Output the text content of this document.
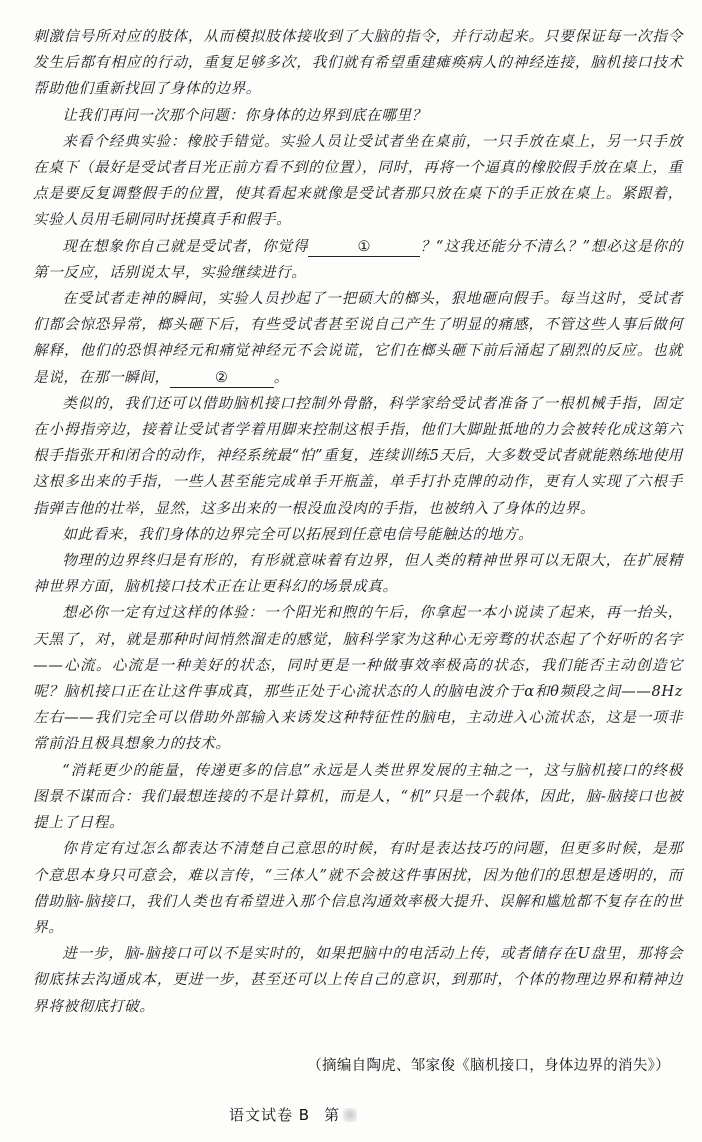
刺激信号所对应的肢体，从而模拟肢体接收到了大脑的指令，并行动起来。只要保证每一次指令发生后都有相应的行动，重复足够多次，我们就有希望重建瘫痪病人的神经连接，脑机接口技术帮助他们重新找回了身体的边界。

让我们再问一次那个问题：你身体的边界到底在哪里？

来看个经典实验：橡胶手错觉。实验人员让受试者坐在桌前，一只手放在桌上，另一只手放在桌下（最好是受试者目光正前方看不到的位置），同时，再将一个逼真的橡胶假手放在桌上，重点是要反复调整假手的位置，使其看起来就像是受试者那只放在桌下的手正放在桌上。紧跟着，实验人员用毛刷同时抚摸真手和假手。

现在想象你自己就是受试者，你觉得	①	？“这我还能分不清么？”想必这是你的第一反应，话别说太早，实验继续进行。

在受试者走神的瞬间，实验人员抄起了一把硕大的榔头，狠地砸向假手。每当这时，受试者们都会惊恐异常，榔头砸下后，有些受试者甚至说自己产生了明显的痛感，不管这些人事后做何解释，他们的恐惧神经元和痛觉神经元不会说谎，它们在榔头砸下前后涌起了剧烈的反应。也就是说，在那一瞬间，	②	。

类似的，我们还可以借助脑机接口控制外骨骼，科学家给受试者准备了一根机械手指，固定在小拇指旁边，接着让受试者学着用脚来控制这根手指，他们大脚趾抵地的力会被转化成这第六根手指张开和闭合的动作，神经系统最“怕”重复，连续训练5天后，大多数受试者就能熟练地使用这根多出来的手指，一些人甚至能完成单手开瓶盖，单手打扑克牌的动作，更有人实现了六根手指弹吉他的壮举，显然，这多出来的一根没血没肉的手指，也被纳入了身体的边界。

如此看来，我们身体的边界完全可以拓展到任意电信号能触达的地方。

物理的边界终归是有形的，有形就意味着有边界，但人类的精神世界可以无限大，在扩展精神世界方面，脑机接口技术正在让更科幻的场景成真。

想必你一定有过这样的体验：一个阳光和煦的午后，你拿起一本小说读了起来，再一抬头，天黑了，对，就是那种时间悄然溜走的感觉，脑科学家为这种心无旁骛的状态起了个好听的名字——心流。心流是一种美好的状态，同时更是一种做事效率极高的状态，我们能否主动创造它呢？脑机接口正在让这件事成真，那些正处于心流状态的人的脑电波介于α和θ频段之间——8Hz 左右——我们完全可以借助外部输入来诱发这种特征性的脑电，主动进入心流状态，这是一项非常前沿且极具想象力的技术。

“消耗更少的能量，传递更多的信息”永远是人类世界发展的主轴之一，这与脑机接口的终极图景不谋而合：我们最想连接的不是计算机，而是人，“机”只是一个载体，因此，脑-脑接口也被提上了日程。

你肯定有过怎么都表达不清楚自己意思的时候，有时是表达技巧的问题，但更多时候，是那个意思本身只可意会，难以言传，“三体人”就不会被这件事困扰，因为他们的思想是透明的，而借助脑-脑接口，我们人类也有希望进入那个信息沟通效率极大提升、误解和尴尬都不复存在的世界。

进一步，脑-脑接口可以不是实时的，如果把脑中的电活动上传，或者储存在U盘里，那将会彻底抹去沟通成本，更进一步，甚至还可以上传自己的意识，到那时，个体的物理边界和精神边界将被彻底打破。

（摘编自陶虎、邹家俊《脑机接口，身体边界的消失》）
语文试卷 B 第
